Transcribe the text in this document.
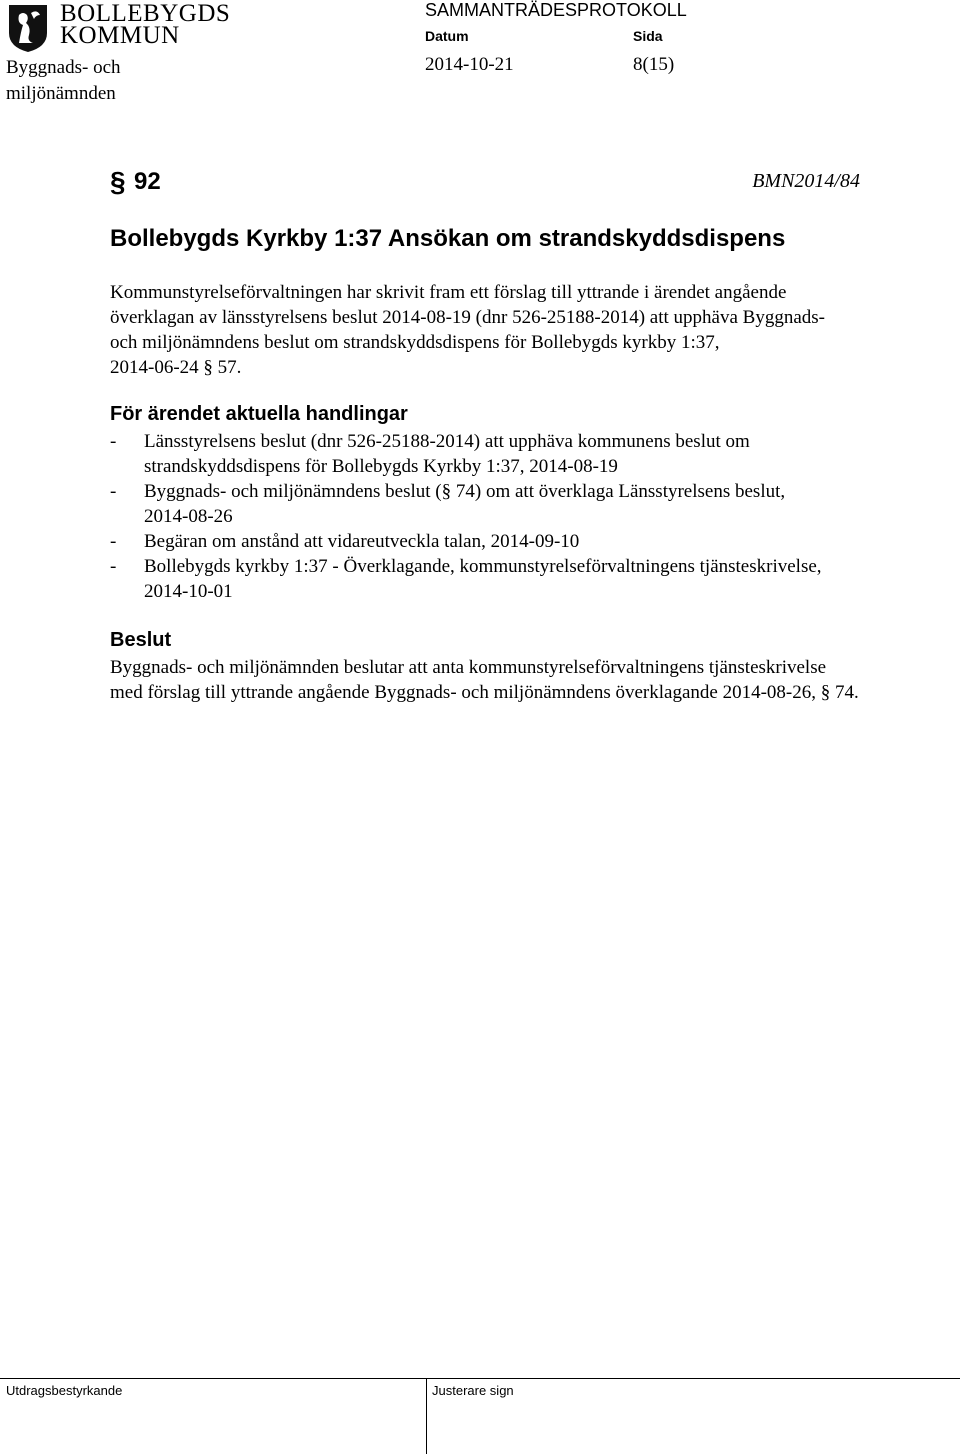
BOLLEBYGDS
KOMMUN
Byggnads- och
miljönämnden
SAMMANTRÄDESPROTOKOLL
Datum	Sida
2014-10-21	8(15)
§ 92	BMN2014/84
Bollebygds Kyrkby 1:37 Ansökan om strandskyddsdispens
Kommunstyrelseförvaltningen har skrivit fram ett förslag till yttrande i ärendet angående
överklagan av länsstyrelsens beslut 2014-08-19 (dnr 526-25188-2014) att upphäva Byggnads-
och miljönämndens beslut om strandskyddsdispens för Bollebygds kyrkby 1:37,
2014-06-24 § 57.
För ärendet aktuella handlingar
- Länsstyrelsens beslut (dnr 526-25188-2014) att upphäva kommunens beslut om
strandskyddsdispens för Bollebygds Kyrkby 1:37, 2014-08-19
- Byggnads- och miljönämndens beslut (§ 74) om att överklaga Länsstyrelsens beslut,
2014-08-26
- Begäran om anstånd att vidareutveckla talan, 2014-09-10
- Bollebygds kyrkby 1:37 - Överklagande, kommunstyrelseförvaltningens tjänsteskrivelse,
2014-10-01
Beslut
Byggnads- och miljönämnden beslutar att anta kommunstyrelseförvaltningens tjänsteskrivelse
med förslag till yttrande angående Byggnads- och miljönämndens överklagande 2014-08-26, § 74.
Utdragsbestyrkande	Justerare sign
